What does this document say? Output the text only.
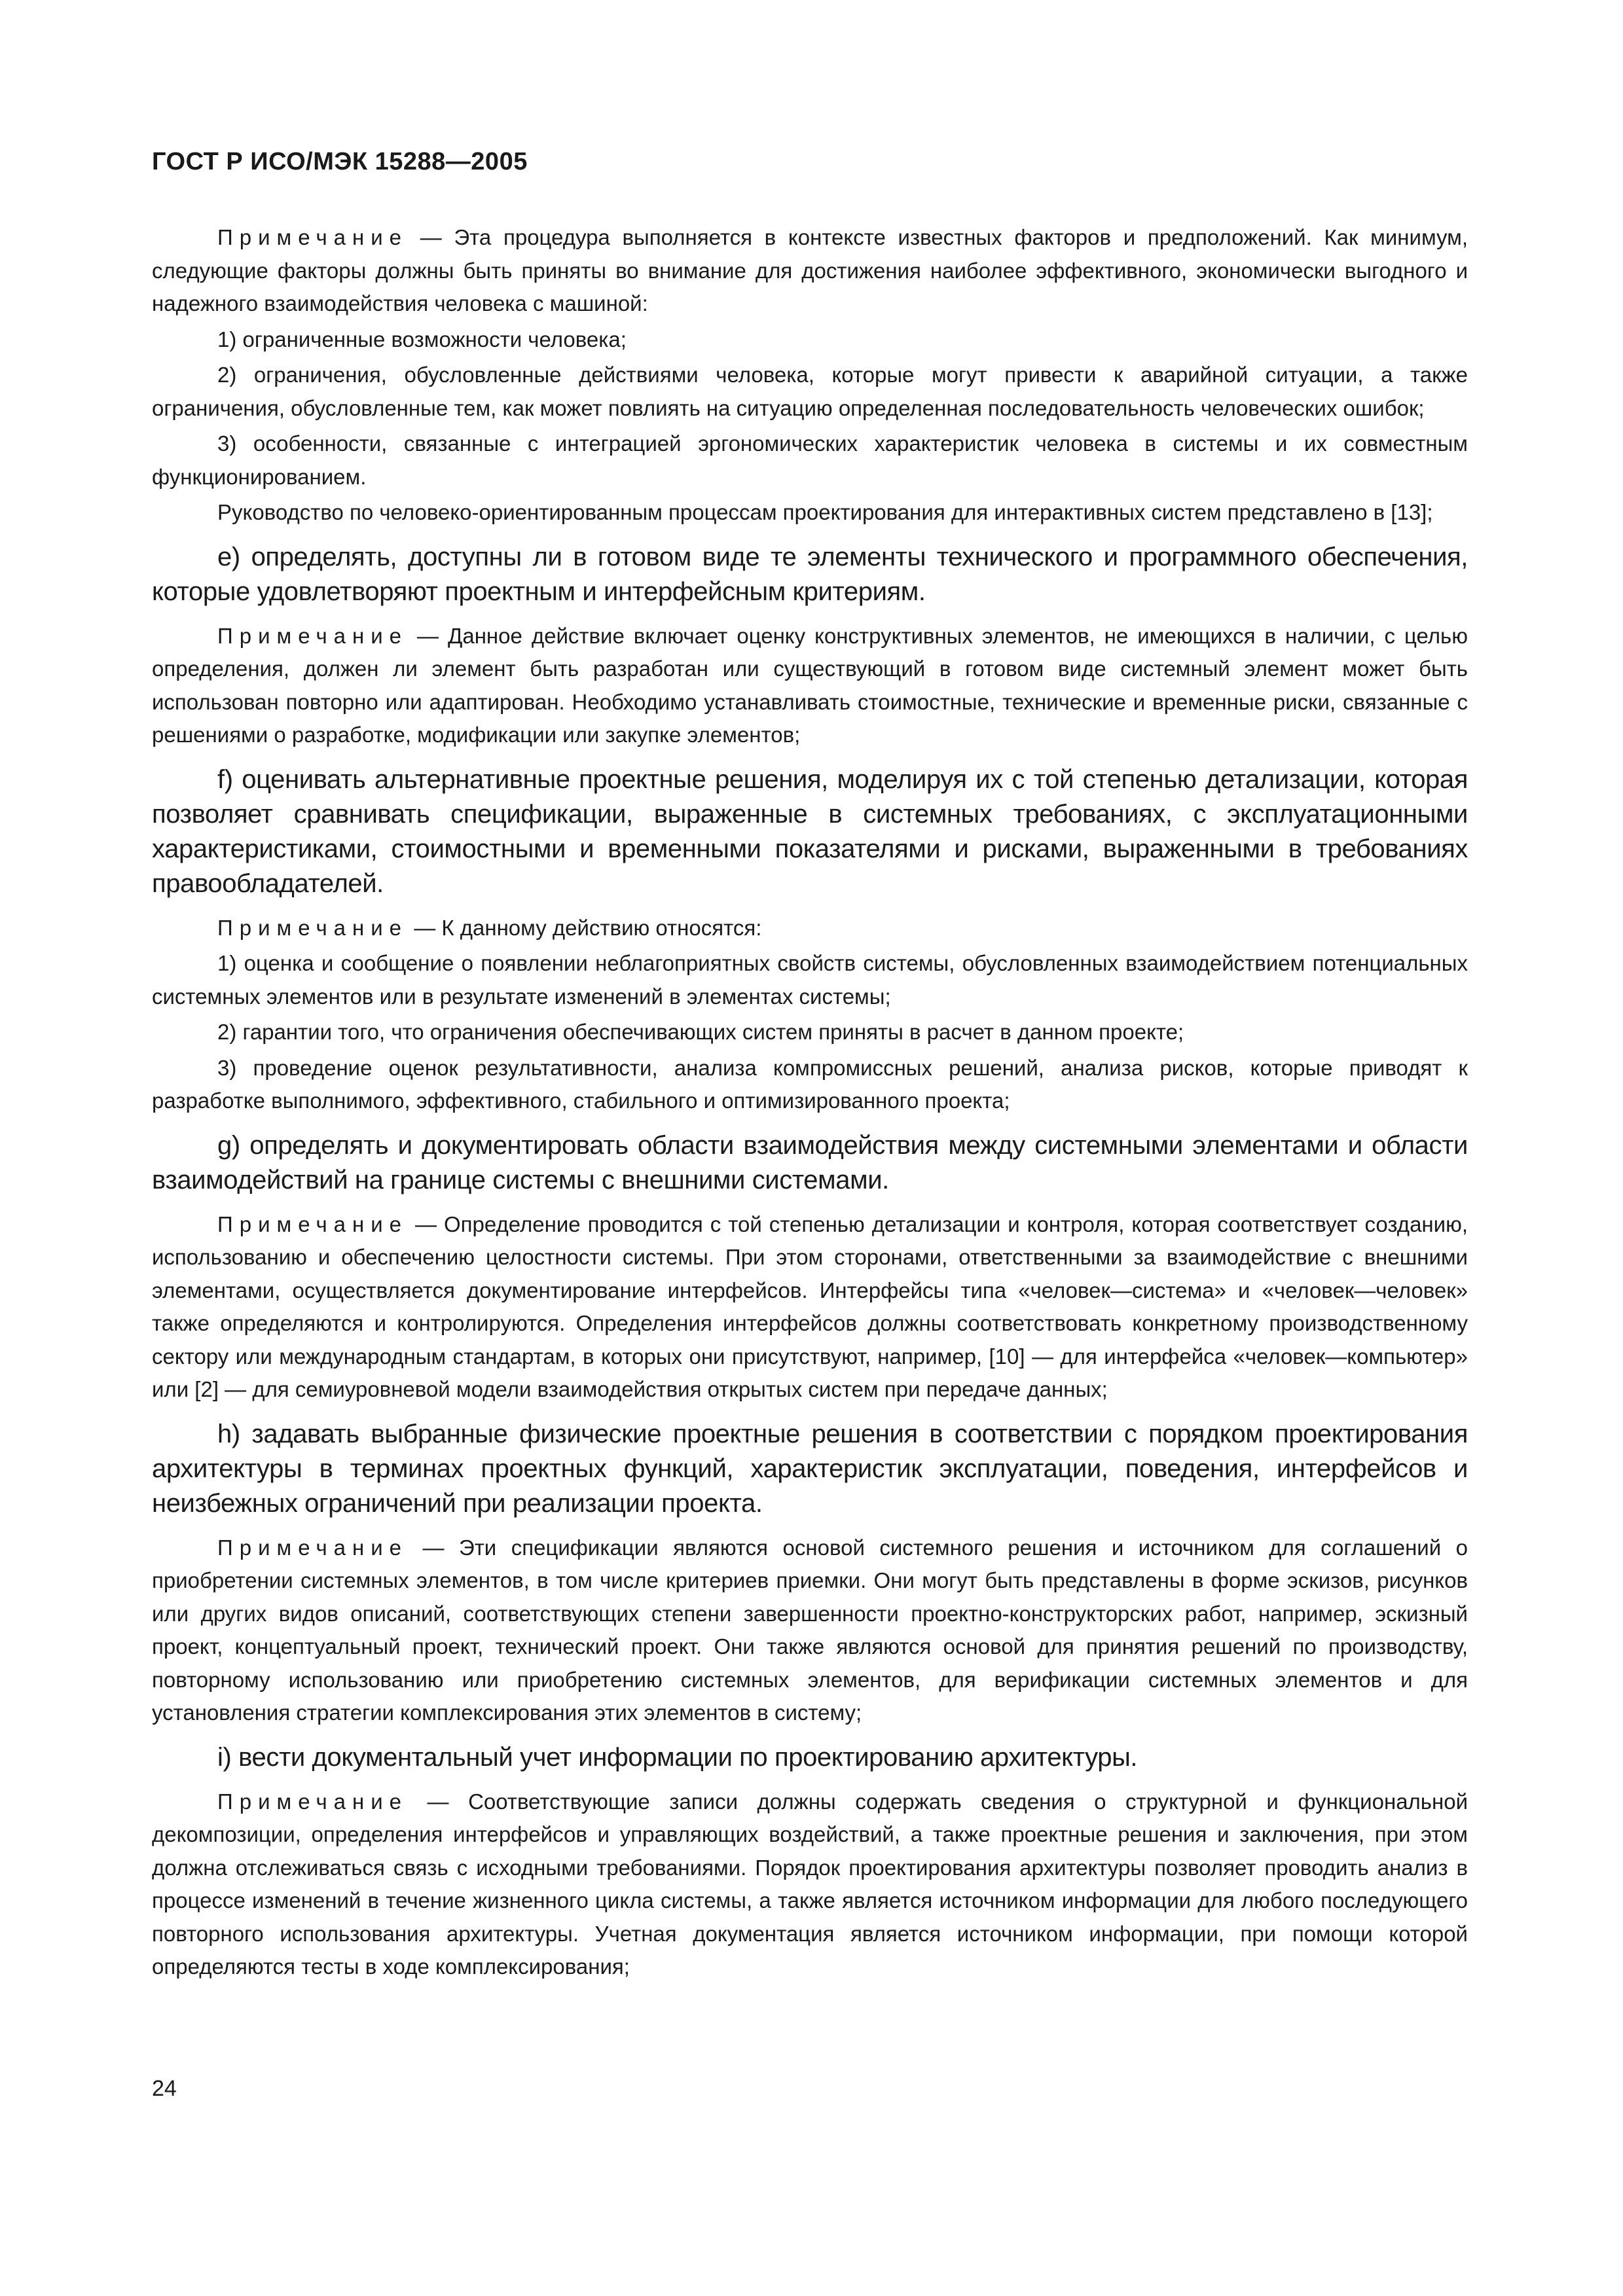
ГОСТ Р ИСО/МЭК 15288—2005

Примечание — Эта процедура выполняется в контексте известных факторов и предположений. Как минимум, следующие факторы должны быть приняты во внимание для достижения наиболее эффективного, экономически выгодного и надежного взаимодействия человека с машиной:

1) ограниченные возможности человека;

2) ограничения, обусловленные действиями человека, которые могут привести к аварийной ситуации, а также ограничения, обусловленные тем, как может повлиять на ситуацию определенная последовательность человеческих ошибок;

3) особенности, связанные с интеграцией эргономических характеристик человека в системы и их совместным функционированием.

Руководство по человеко-ориентированным процессам проектирования для интерактивных систем представлено в [13];

e) определять, доступны ли в готовом виде те элементы технического и программного обеспечения, которые удовлетворяют проектным и интерфейсным критериям.

Примечание — Данное действие включает оценку конструктивных элементов, не имеющихся в наличии, с целью определения, должен ли элемент быть разработан или существующий в готовом виде системный элемент может быть использован повторно или адаптирован. Необходимо устанавливать стоимостные, технические и временные риски, связанные с решениями о разработке, модификации или закупке элементов;

f) оценивать альтернативные проектные решения, моделируя их с той степенью детализации, которая позволяет сравнивать спецификации, выраженные в системных требованиях, с эксплуатационными характеристиками, стоимостными и временными показателями и рисками, выраженными в требованиях правообладателей.

Примечание — К данному действию относятся:

1) оценка и сообщение о появлении неблагоприятных свойств системы, обусловленных взаимодействием потенциальных системных элементов или в результате изменений в элементах системы;

2) гарантии того, что ограничения обеспечивающих систем приняты в расчет в данном проекте;

3) проведение оценок результативности, анализа компромиссных решений, анализа рисков, которые приводят к разработке выполнимого, эффективного, стабильного и оптимизированного проекта;

g) определять и документировать области взаимодействия между системными элементами и области взаимодействий на границе системы с внешними системами.

Примечание — Определение проводится с той степенью детализации и контроля, которая соответствует созданию, использованию и обеспечению целостности системы. При этом сторонами, ответственными за взаимодействие с внешними элементами, осуществляется документирование интерфейсов. Интерфейсы типа «человек—система» и «человек—человек» также определяются и контролируются. Определения интерфейсов должны соответствовать конкретному производственному сектору или международным стандартам, в которых они присутствуют, например, [10] — для интерфейса «человек—компьютер» или [2] — для семиуровневой модели взаимодействия открытых систем при передаче данных;

h) задавать выбранные физические проектные решения в соответствии с порядком проектирования архитектуры в терминах проектных функций, характеристик эксплуатации, поведения, интерфейсов и неизбежных ограничений при реализации проекта.

Примечание — Эти спецификации являются основой системного решения и источником для соглашений о приобретении системных элементов, в том числе критериев приемки. Они могут быть представлены в форме эскизов, рисунков или других видов описаний, соответствующих степени завершенности проектно-конструкторских работ, например, эскизный проект, концептуальный проект, технический проект. Они также являются основой для принятия решений по производству, повторному использованию или приобретению системных элементов, для верификации системных элементов и для установления стратегии комплексирования этих элементов в систему;

i) вести документальный учет информации по проектированию архитектуры.

Примечание — Соответствующие записи должны содержать сведения о структурной и функциональной декомпозиции, определения интерфейсов и управляющих воздействий, а также проектные решения и заключения, при этом должна отслеживаться связь с исходными требованиями. Порядок проектирования архитектуры позволяет проводить анализ в процессе изменений в течение жизненного цикла системы, а также является источником информации для любого последующего повторного использования архитектуры. Учетная документация является источником информации, при помощи которой определяются тесты в ходе комплексирования;

24
